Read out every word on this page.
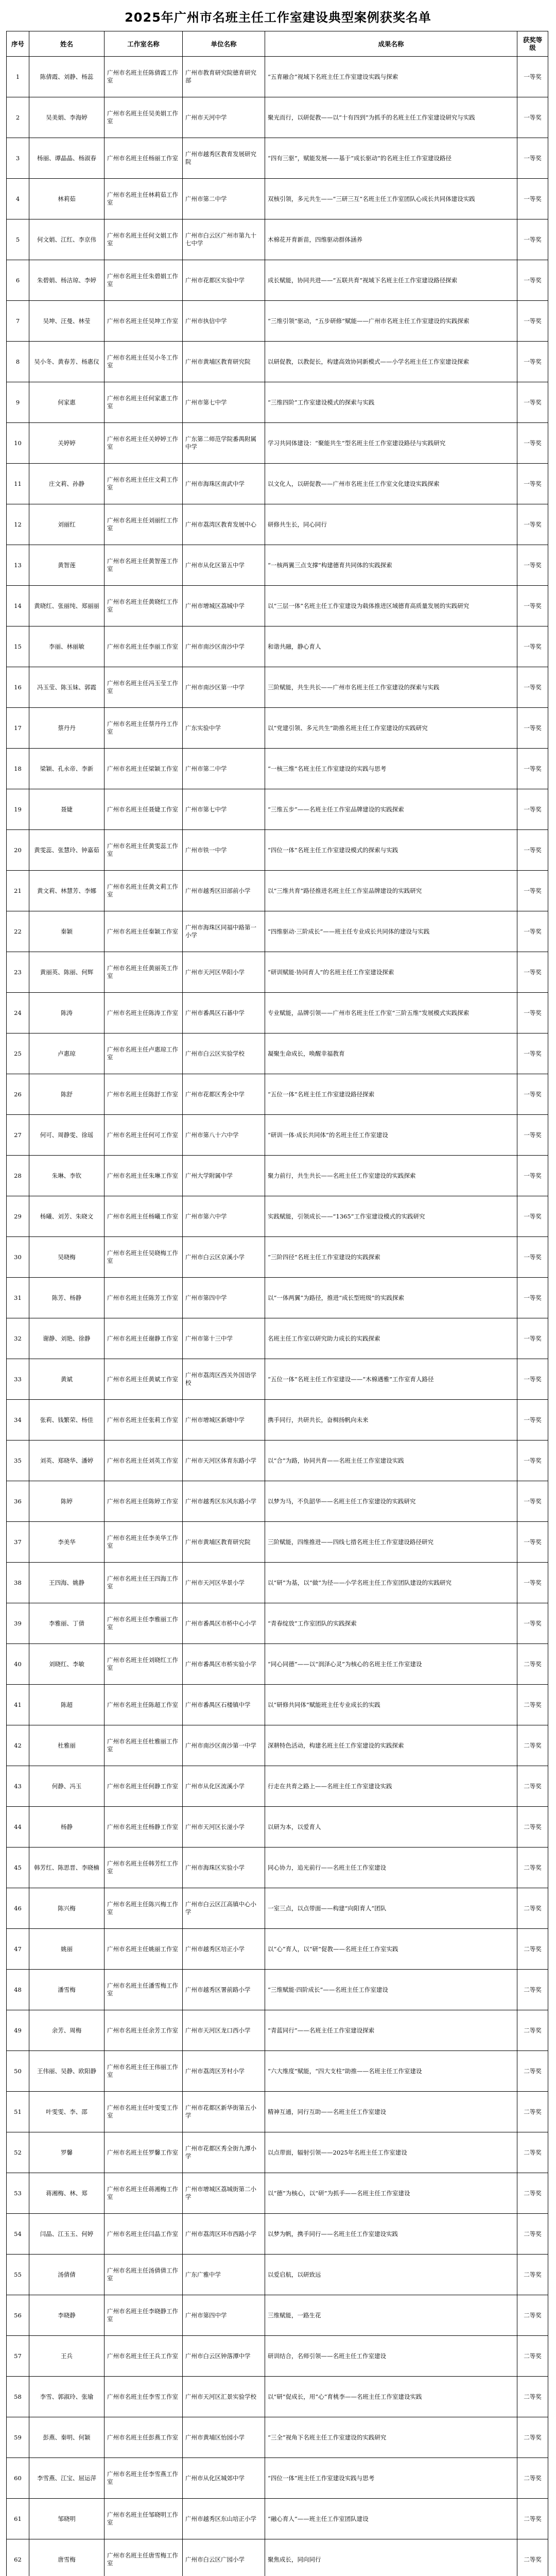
2025年广州市名班主任工作室建设典型案例获奖名单
序号	姓名	工作室名称	单位名称	成果名称	获奖等级
1	陈倩霞、刘静、杨蕊	广州市名班主任陈倩霞工作室	广州市教育研究院德育研究部	“五育融合”视域下名班主任工作室建设实践与探索	一等奖
2	吴美娟、李海婷	广州市名班主任吴美娟工作室	广州市天河中学	聚光而行，以研促教——以“十有四到”为抓手的名班主任工作室建设研究与实践	一等奖
3	杨丽、谭晶晶、杨淑春	广州市名班主任杨丽工作室	广州市越秀区教育发展研究院	“四有三驱”，赋能发展——基于“成长驱动”的名班主任工作室建设路径	一等奖
4	林莉茹	广州市名班主任林莉茹工作室	广州市第二中学	双核引领，多元共生——“三研三互”名班主任工作室团队心成长共同体建设实践	一等奖
5	何文娟、江红、李京伟	广州市名班主任何文娟工作室	广州市白云区广州市第九十七中学	木棉花开育新苗，四维驱动群体涵养	一等奖
6	朱碧娟、杨洁琼、李婷	广州市名班主任朱碧娟工作室	广州市花都区实验中学	成长赋能，协同共进——“五联共育”视域下名班主任工作室建设路径探索	一等奖
7	吴坤、汪曼、林莹	广州市名班主任吴坤工作室	广州市执信中学	“三维引领”驱动，“五步研修”赋能——广州市名班主任工作室建设的实践探索	一等奖
8	吴小冬、黄春芳、杨惠仪	广州市名班主任吴小冬工作室	广州市黄埔区教育研究院	以研促教，以教促长，构建高效协同新模式——小学名班主任工作室建设探索	一等奖
9	何家惠	广州市名班主任何家惠工作室	广州市第七中学	“三维四阶”工作室建设模式的探索与实践	一等奖
10	关婷婷	广州市名班主任关婷婷工作室	广东第二师范学院番禺附属中学	学习共同体建设：“聚能共生”型名班主任工作室建设路径与实践研究	一等奖
11	庄文莉、孙静	广州市名班主任庄文莉工作室	广州市海珠区南武中学	以文化人，以研促教——广州市名班主任工作室文化建设实践探索	一等奖
12	刘丽红	广州市名班主任刘丽红工作室	广州市荔湾区教育发展中心	研修共生长，同心同行	一等奖
13	黄智莲	广州市名班主任黄智莲工作室	广州市从化区第五中学	“一核两翼三点支撑”构建德育共同体的实践探索	一等奖
14	黄晓红、张丽纯、郑丽丽	广州市名班主任黄晓红工作室	广州市增城区荔城中学	以“三层一体”名班主任工作室建设为载体推进区域德育高质量发展的实践研究	一等奖
15	李丽、林丽敏	广州市名班主任李丽工作室	广州市南沙区南沙中学	和谐共融，静心育人	一等奖
16	冯玉莹、陈玉妹、郭霞	广州市名班主任冯玉莹工作室	广州市南沙区第一中学	三阶赋能，共生共长——广州市名班主任工作室建设的探索与实践	一等奖
17	蔡丹丹	广州市名班主任蔡丹丹工作室	广东实验中学	以“党建引领、多元共生”助推名班主任工作室建设的实践研究	一等奖
18	梁颖、孔永帝、李新	广州市名班主任梁颖工作室	广州市第二中学	“一核三维”名班主任工作室建设的实践与思考	一等奖
19	聂婕	广州市名班主任聂婕工作室	广州市第七中学	“三维五步”——名班主任工作室品牌建设的实践探索	一等奖
20	黄雯蕊、张慧玲、钟嘉茹	广州市名班主任黄雯蕊工作室	广州市铁一中学	“四位一体”名班主任工作室建设模式的探索与实践	一等奖
21	黄文莉、林慧芳、李娜	广州市名班主任黄文莉工作室	广州市越秀区旧部前小学	以“三维共育”路径推进名班主任工作室品牌建设的实践研究	一等奖
22	秦颖	广州市名班主任秦颖工作室	广州市海珠区同福中路第一小学	“四维驱动·三阶成长”——班主任专业成长共同体的建设与实践	一等奖
23	黄丽英、陈丽、何辉	广州市名班主任黄丽英工作室	广州市天河区华阳小学	“研训赋能·协同育人”的名班主任工作室建设探索	一等奖
24	陈涛	广州市名班主任陈涛工作室	广州市番禺区石碁中学	专业赋能，品牌引领——广州市名班主任工作室“三阶五维”发展模式实践探索	一等奖
25	卢惠琼	广州市名班主任卢惠琼工作室	广州市白云区实验学校	凝聚生命成长，唤醒幸福教育	一等奖
26	陈舒	广州市名班主任陈舒工作室	广州市花都区秀全中学	“五位一体”名班主任工作室建设路径探索	一等奖
27	何可、周静雯、徐瑶	广州市名班主任何可工作室	广州市第八十六中学	“研训一体·成长共同体”的名班主任工作室建设	一等奖
28	朱琳、李钦	广州市名班主任朱琳工作室	广州大学附属中学	聚力前行，共生共长——名班主任工作室建设的实践探索	一等奖
29	杨曦、刘芳、朱晓文	广州市名班主任杨曦工作室	广州市第六中学	实践赋能，引领成长——“1365”工作室建设模式的实践研究	一等奖
30	吴晓梅	广州市名班主任吴晓梅工作室	广州市白云区京溪小学	“三阶四径”名班主任工作室建设的实践探索	一等奖
31	陈芳、杨静	广州市名班主任陈芳工作室	广州市第四中学	以“一体两翼”为路径，推进“成长型班级”的实践探索	一等奖
32	谢静、刘艳、徐静	广州市名班主任谢静工作室	广州市第十三中学	名班主任工作室以研究助力成长的实践探索	一等奖
33	黄斌	广州市名班主任黄斌工作室	广州市荔湾区西关外国语学校	“五位一体”名班主任工作室建设——“木棉遇雅”工作室育人路径	一等奖
34	张莉、钱繁荣、杨佳	广州市名班主任张莉工作室	广州市增城区新塘中学	携手同行，共研共长，奋楫扬帆向未来	一等奖
35	刘英、郑晓华、潘婷	广州市名班主任刘英工作室	广州市天河区体育东路小学	以“合”为路，协同共育——名班主任工作室建设实践	一等奖
36	陈婷	广州市名班主任陈婷工作室	广州市越秀区东风东路小学	以梦为马，不负韶华——名班主任工作室建设的实践研究	一等奖
37	李美华	广州市名班主任李美华工作室	广州市黄埔区教育研究院	三阶赋能，四维推进——四线七措名班主任工作室建设路径研究	一等奖
38	王四海、姚静	广州市名班主任王四海工作室	广州市天河区华景小学	以“研”为基，以“做”为径——小学名班主任工作室团队建设的实践研究	一等奖
39	李雅丽、丁倩	广州市名班主任李雅丽工作室	广州市番禺区市桥中心小学	“青春绽放”工作室团队的实践探索	一等奖
40	刘晓红、李敏	广州市名班主任刘晓红工作室	广州市番禺区市桥实验小学	“同心同德”——以“润泽心灵”为核心的名班主任工作室建设	二等奖
41	陈超	广州市名班主任陈超工作室	广州市番禺区石楼镇中学	以“研修共同体”赋能班主任专业成长的实践	二等奖
42	杜雅丽	广州市名班主任杜雅丽工作室	广州市南沙区南沙第一中学	深耕特色活动，构建名班主任工作室建设的实践探索	二等奖
43	何静、冯玉	广州市名班主任何静工作室	广州市从化区流溪小学	行走在共育之路上——名班主任工作室建设实践	二等奖
44	杨静	广州市名班主任杨静工作室	广州市天河区长湴小学	以研为本，以爱育人	二等奖
45	韩芳红、陈思晋、李晓楠	广州市名班主任韩芳红工作室	广州市海珠区实验小学	同心协力，追光前行——名班主任工作室建设	二等奖
46	陈兴梅	广州市名班主任陈兴梅工作室	广州市白云区江高镇中心小学	一室三点，以点带面——构建“向阳育人”团队	二等奖
47	姚丽	广州市名班主任姚丽工作室	广州市越秀区培正小学	以“心”育人，以“研”促教——名班主任工作室实践	二等奖
48	潘雪梅	广州市名班主任潘雪梅工作室	广州市越秀区署前路小学	“三维赋能·四阶成长”——名班主任工作室建设	二等奖
49	余芳、周梅	广州市名班主任余芳工作室	广州市天河区龙口西小学	“青蓝同行”——名班主任工作室建设探索	二等奖
50	王伟丽、吴静、欧阳静	广州市名班主任王伟丽工作室	广州市荔湾区芳村小学	“六大维度”赋能，“四大支柱”助推——名班主任工作室建设	二等奖
51	叶雯雯、李、邵	广州市名班主任叶雯雯工作室	广州市花都区新华街第五小学	精神互通，同行互助——名班主任工作室建设	二等奖
52	罗馨	广州市名班主任罗馨工作室	广州市花都区秀全街九潭小学	以点带面，辐射引领——2025年名班主任工作室建设	二等奖
53	蒋湘梅、林、郑	广州市名班主任蒋湘梅工作室	广州市增城区荔城街第二小学	以“德”为核心，以“研”为抓手——名班主任工作室建设	二等奖
54	闫晶、江玉玉、何婷	广州市名班主任闫晶工作室	广州市荔湾区环市西路小学	以梦为帆，携手同行——名班主任工作室建设实践	二等奖
55	汤倩倩	广州市名班主任汤倩倩工作室	广东广雅中学	以爱启航，以研致远	二等奖
56	李晓静	广州市名班主任李晓静工作室	广州市第四中学	三维赋能，一路生花	二等奖
57	王兵	广州市名班主任王兵工作室	广州市白云区钟落潭中学	研训结合，名师引领——名班主任工作室建设	二等奖
58	李雪、郭淑玲、张瑜	广州市名班主任李雪工作室	广州市天河区汇景实验学校	以“研”促成长，用“心”育桃李——名班主任工作室建设实践	二等奖
59	彭燕、秦明、何颖	广州市名班主任彭燕工作室	广州市黄埔区怡园小学	“三全”视角下名班主任工作室建设的实践研究	二等奖
60	李雪燕、江宝、屈运萍	广州市名班主任李雪燕工作室	广州市从化区城郊中学	“四位一体”班主任工作室建设实践与思考	二等奖
61	邹晓明	广州市名班主任邹晓明工作室	广州市越秀区东山培正小学	“融心育人”——班主任工作室团队建设	二等奖
62	唐雪梅	广州市名班主任唐雪梅工作室	广州市白云区广园小学	聚焦成长，同向同行	二等奖
